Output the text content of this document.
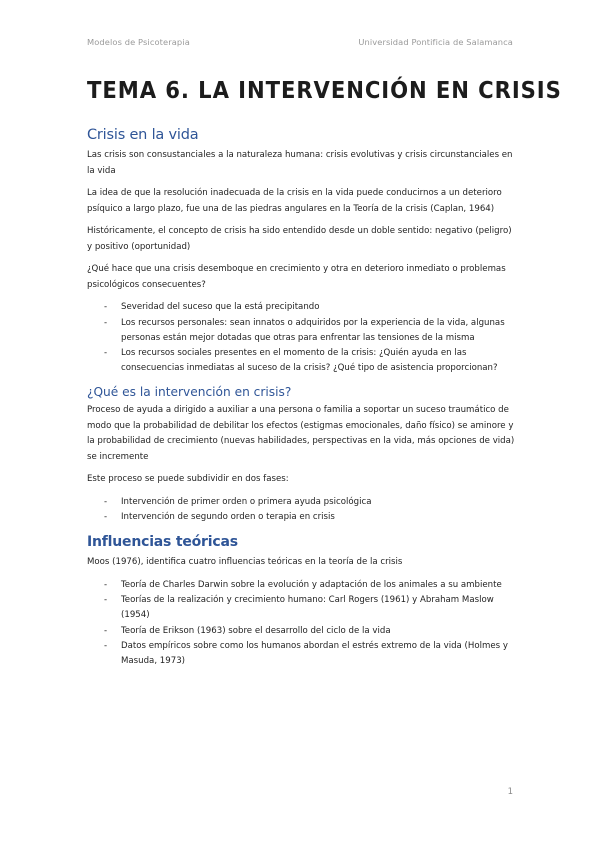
Modelos de Psicoterapia	Universidad Pontificia de Salamanca
TEMA 6. LA INTERVENCIÓN EN CRISIS
Crisis en la vida

Las crisis son consustanciales a la naturaleza humana: crisis evolutivas y crisis circunstanciales en la vida

La idea de que la resolución inadecuada de la crisis en la vida puede conducirnos a un deterioro psíquico a largo plazo, fue una de las piedras angulares en la Teoría de la crisis (Caplan, 1964)

Históricamente, el concepto de crisis ha sido entendido desde un doble sentido: negativo (peligro) y positivo (oportunidad)

¿Qué hace que una crisis desemboque en crecimiento y otra en deterioro inmediato o problemas psicológicos consecuentes?

- Severidad del suceso que la está precipitando
- Los recursos personales: sean innatos o adquiridos por la experiencia de la vida, algunas personas están mejor dotadas que otras para enfrentar las tensiones de la misma
- Los recursos sociales presentes en el momento de la crisis: ¿Quién ayuda en las consecuencias inmediatas al suceso de la crisis? ¿Qué tipo de asistencia proporcionan?
¿Qué es la intervención en crisis?

Proceso de ayuda a dirigido a auxiliar a una persona o familia a soportar un suceso traumático de modo que la probabilidad de debilitar los efectos (estigmas emocionales, daño físico) se aminore y la probabilidad de crecimiento (nuevas habilidades, perspectivas en la vida, más opciones de vida) se incremente

Este proceso se puede subdividir en dos fases:

- Intervención de primer orden o primera ayuda psicológica
- Intervención de segundo orden o terapia en crisis
Influencias teóricas

Moos (1976), identifica cuatro influencias teóricas en la teoría de la crisis

- Teoría de Charles Darwin sobre la evolución y adaptación de los animales a su ambiente
- Teorías de la realización y crecimiento humano: Carl Rogers (1961) y Abraham Maslow (1954)
- Teoría de Erikson (1963) sobre el desarrollo del ciclo de la vida
- Datos empíricos sobre como los humanos abordan el estrés extremo de la vida (Holmes y Masuda, 1973)
1
